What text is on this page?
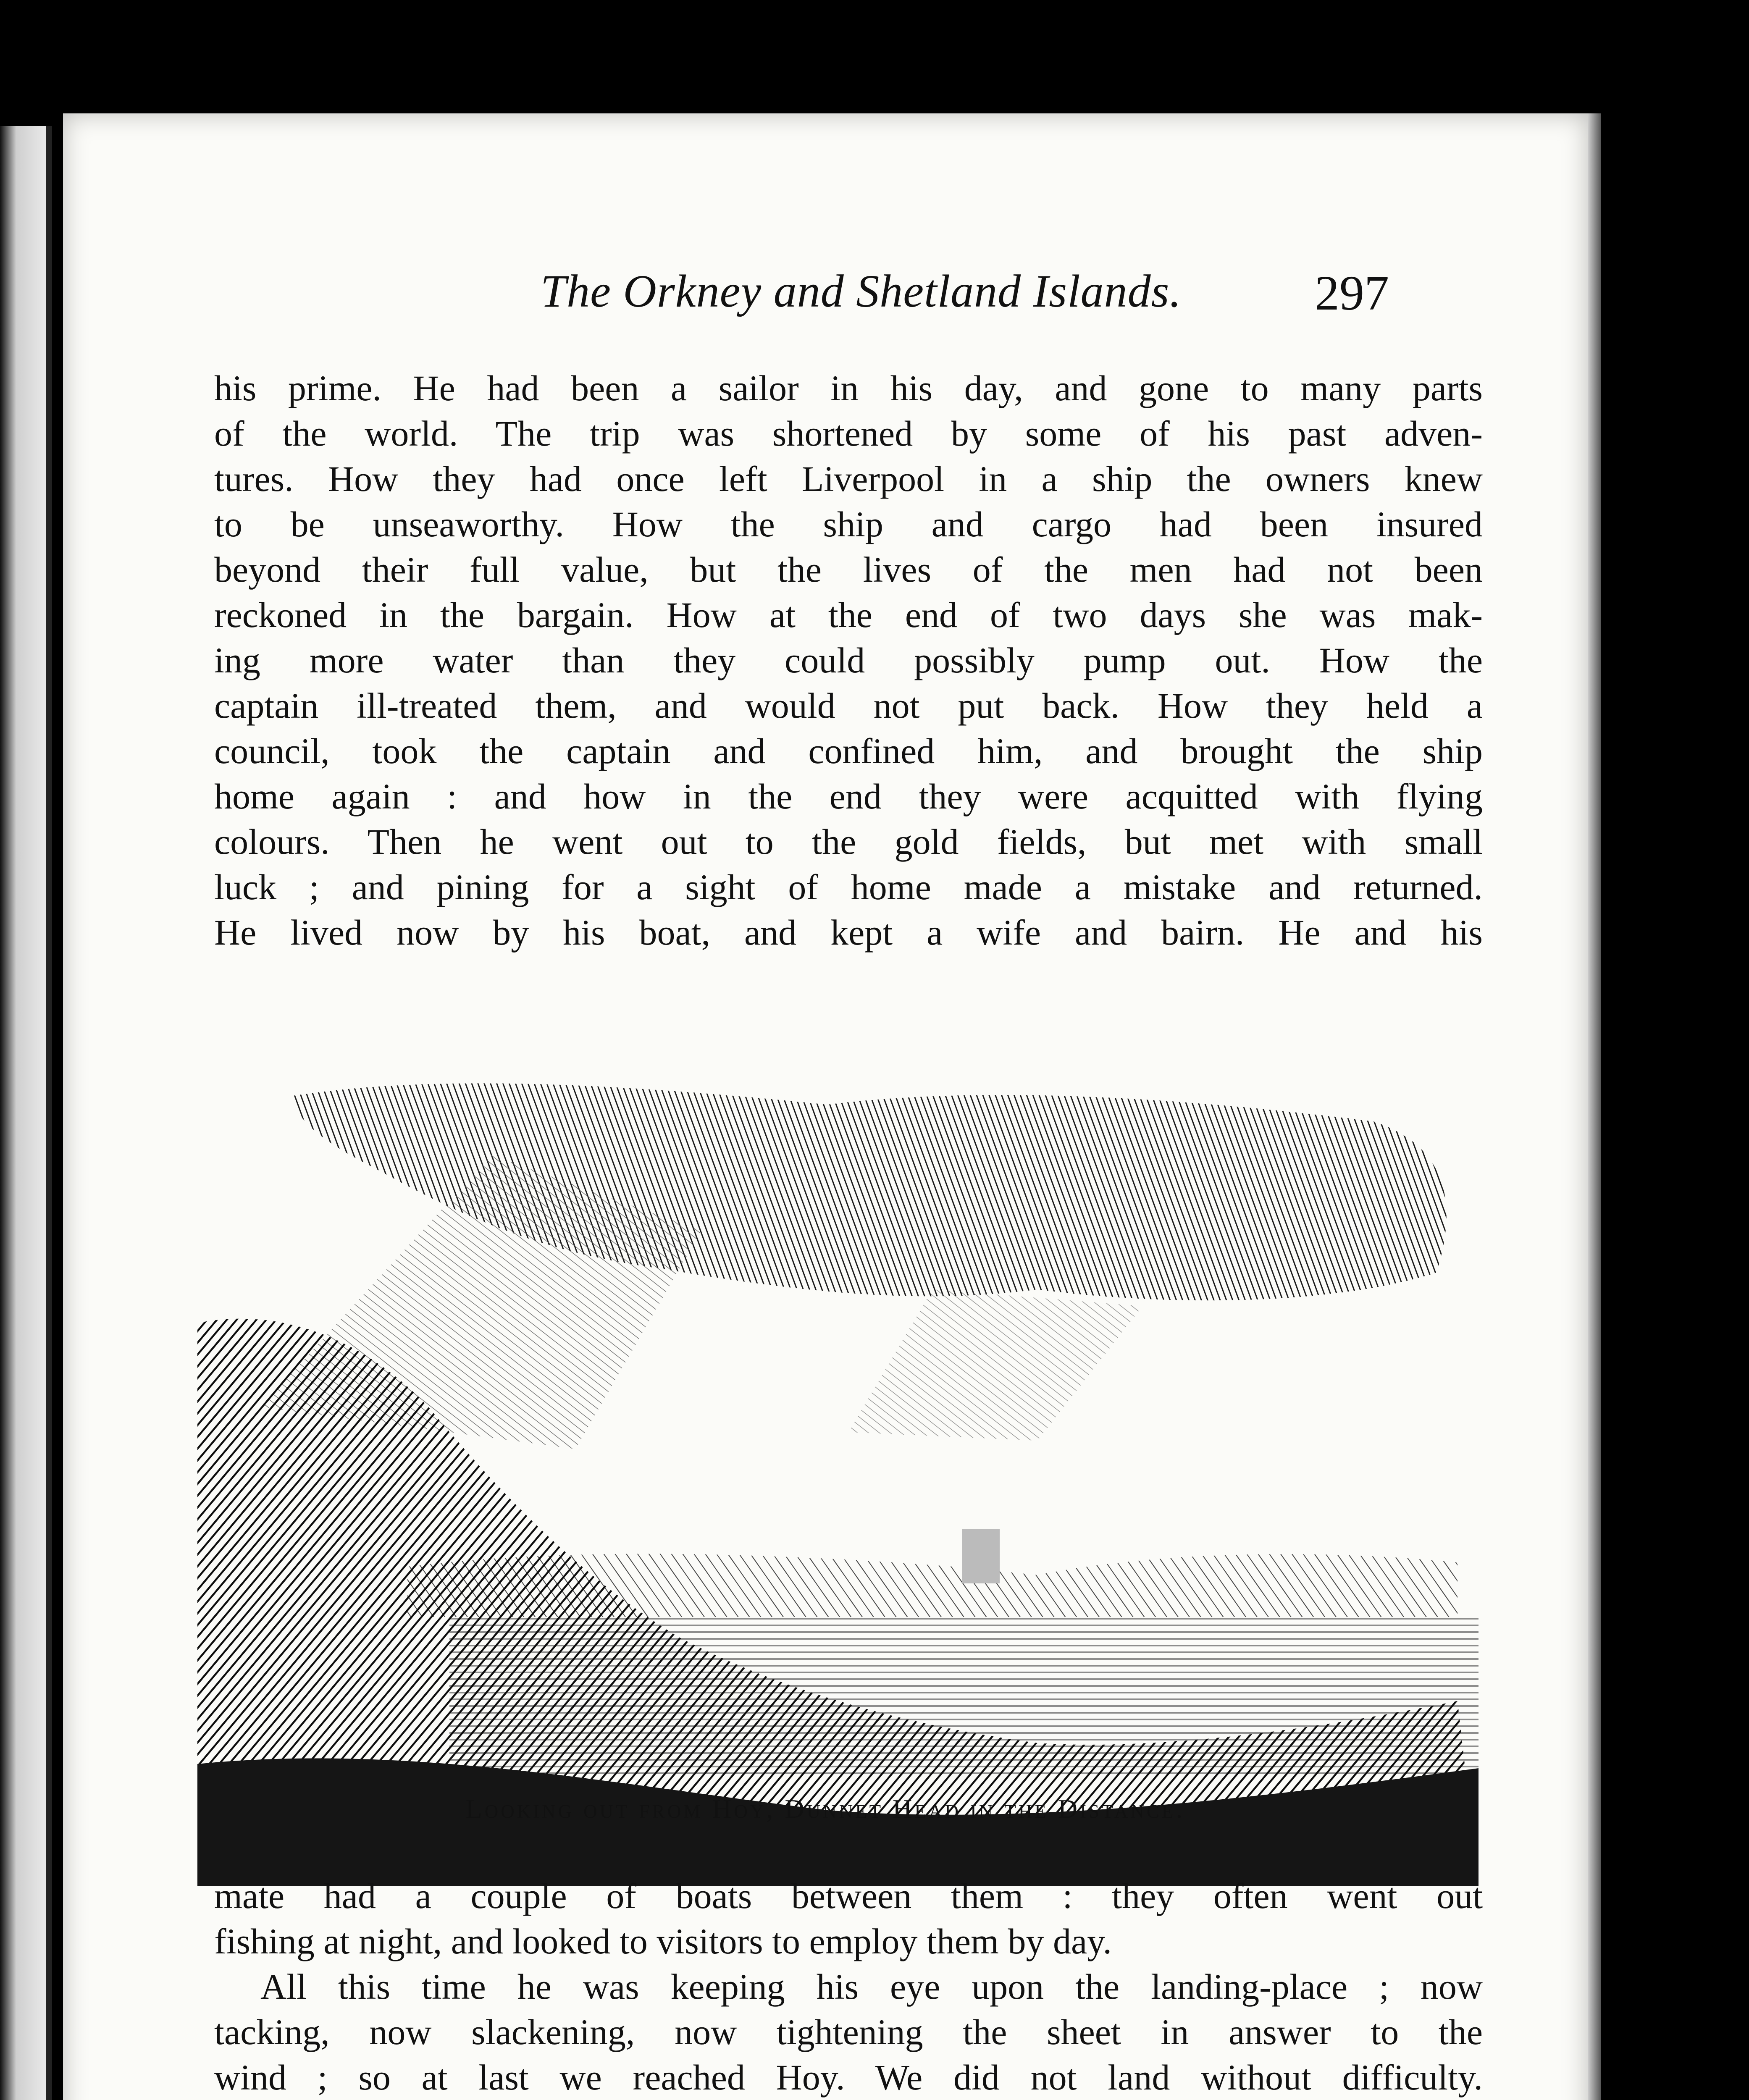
The Orkney and Shetland Islands.	297
his prime. He had been a sailor in his day, and gone to many parts
of the world. The trip was shortened by some of his past adven-
tures. How they had once left Liverpool in a ship the owners knew
to be unseaworthy. How the ship and cargo had been insured
beyond their full value, but the lives of the men had not been
reckoned in the bargain. How at the end of two days she was mak-
ing more water than they could possibly pump out. How the
captain ill-treated them, and would not put back. How they held a
council, took the captain and confined him, and brought the ship
home again : and how in the end they were acquitted with flying
colours. Then he went out to the gold fields, but met with small
luck ; and pining for a sight of home made a mistake and returned.
He lived now by his boat, and kept a wife and bairn. He and his
Looking out from Hoy, Dunnet Head in the Distance.
mate had a couple of boats between them : they often went out
fishing at night, and looked to visitors to employ them by day.
All this time he was keeping his eye upon the landing-place ; now
tacking, now slackening, now tightening the sheet in answer to the
wind ; so at last we reached Hoy. We did not land without difficulty.
